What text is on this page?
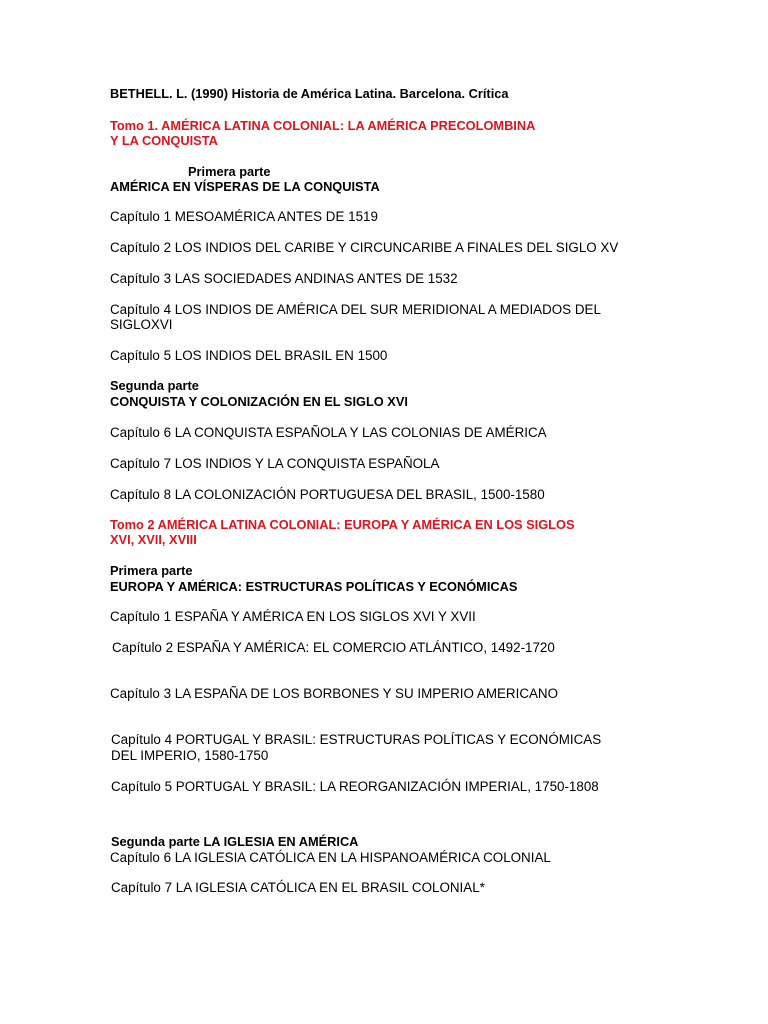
BETHELL. L. (1990) Historia de América Latina. Barcelona. Crítica
Tomo 1. AMÉRICA LATINA COLONIAL: LA AMÉRICA PRECOLOMBINA
Y LA CONQUISTA
Primera parte
AMÉRICA EN VÍSPERAS DE LA CONQUISTA
Capítulo 1 MESOAMÉRICA ANTES DE 1519
Capítulo 2 LOS INDIOS DEL CARIBE Y CIRCUNCARIBE A FINALES DEL SIGLO XV
Capítulo 3 LAS SOCIEDADES ANDINAS ANTES DE 1532
Capítulo 4 LOS INDIOS DE AMÉRICA DEL SUR MERIDIONAL A MEDIADOS DEL
SIGLOXVI
Capítulo 5 LOS INDIOS DEL BRASIL EN 1500
Segunda parte
CONQUISTA Y COLONIZACIÓN EN EL SIGLO XVI
Capítulo 6 LA CONQUISTA ESPAÑOLA Y LAS COLONIAS DE AMÉRICA
Capítulo 7 LOS INDIOS Y LA CONQUISTA ESPAÑOLA
Capítulo 8 LA COLONIZACIÓN PORTUGUESA DEL BRASIL, 1500-1580
Tomo 2 AMÉRICA LATINA COLONIAL: EUROPA Y AMÉRICA EN LOS SIGLOS
XVI, XVII, XVIII
Primera parte
EUROPA Y AMÉRICA: ESTRUCTURAS POLÍTICAS Y ECONÓMICAS
Capítulo 1 ESPAÑA Y AMÉRICA EN LOS SIGLOS XVI Y XVII
Capítulo 2 ESPAÑA Y AMÉRICA: EL COMERCIO ATLÁNTICO, 1492-1720
Capítulo 3 LA ESPAÑA DE LOS BORBONES Y SU IMPERIO AMERICANO
Capítulo 4 PORTUGAL Y BRASIL: ESTRUCTURAS POLÍTICAS Y ECONÓMICAS
DEL IMPERIO, 1580-1750
Capítulo 5 PORTUGAL Y BRASIL: LA REORGANIZACIÓN IMPERIAL, 1750-1808
Segunda parte LA IGLESIA EN AMÉRICA
Capítulo 6 LA IGLESIA CATÓLICA EN LA HISPANOAMÉRICA COLONIAL
Capítulo 7 LA IGLESIA CATÓLICA EN EL BRASIL COLONIAL*
